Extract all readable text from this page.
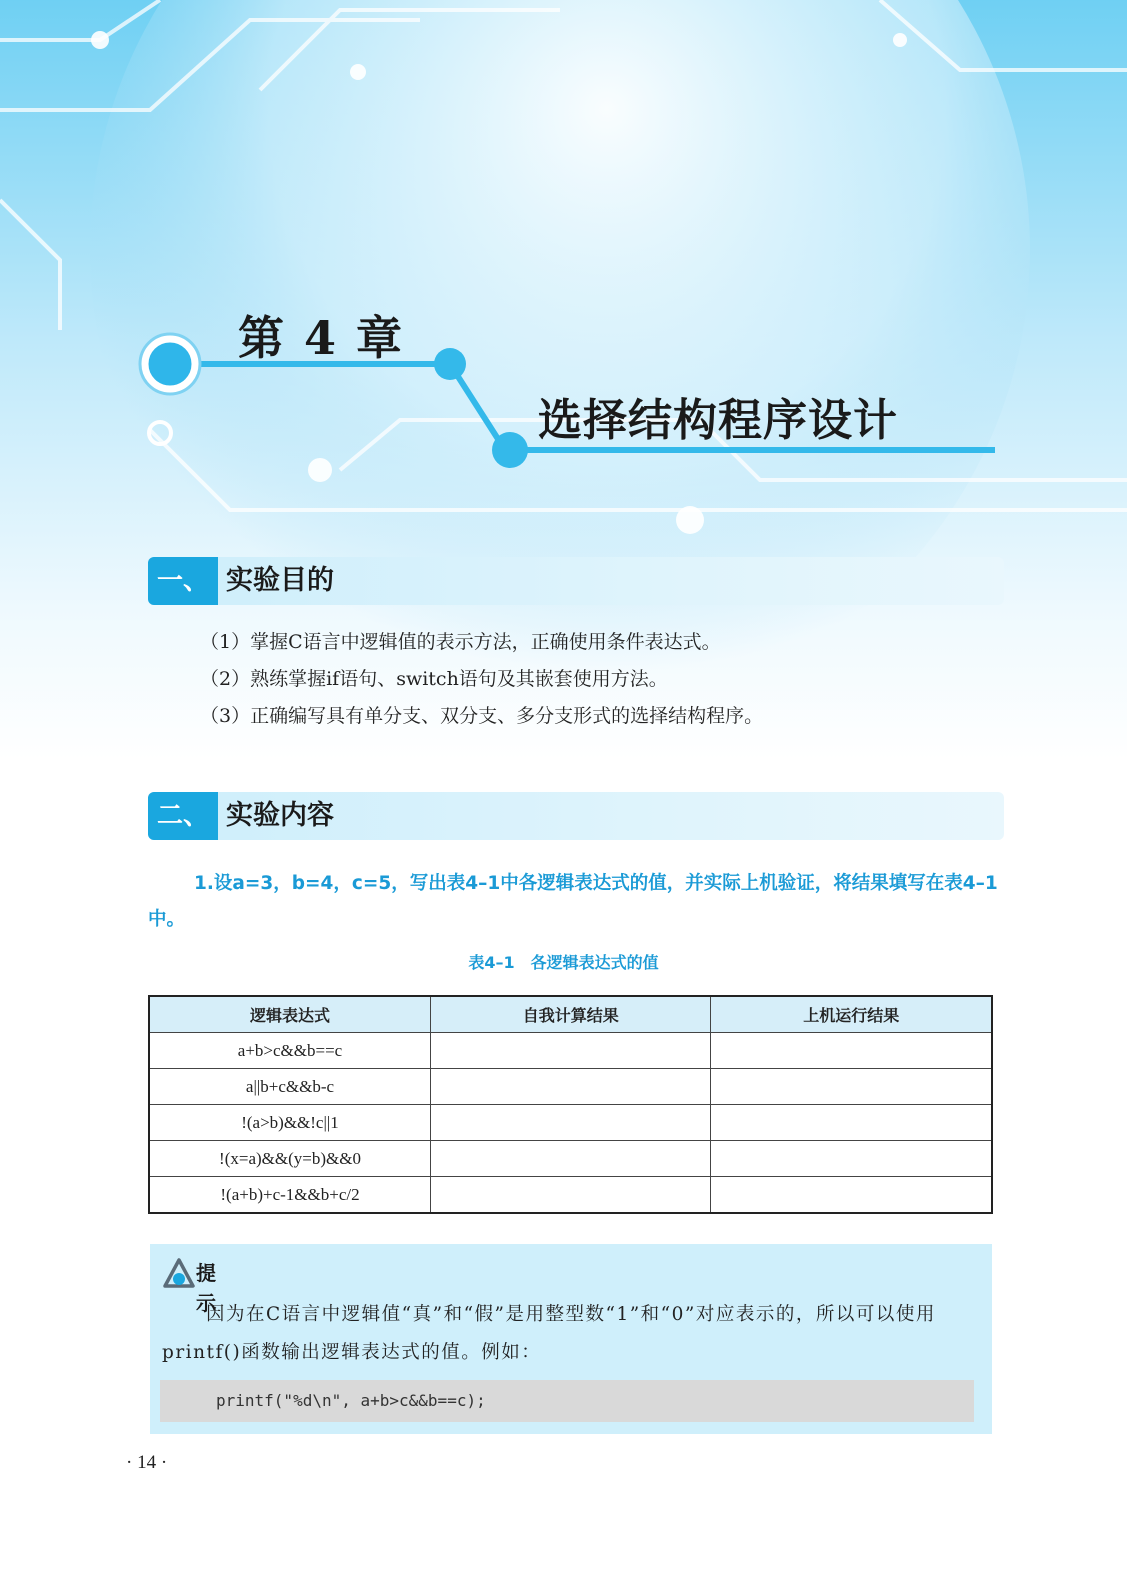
第 4 章
选择结构程序设计
一、 实验目的
（1）掌握C语言中逻辑值的表示方法，正确使用条件表达式。
（2）熟练掌握if语句、switch语句及其嵌套使用方法。
（3）正确编写具有单分支、双分支、多分支形式的选择结构程序。
二、 实验内容
1.设a=3，b=4，c=5，写出表4–1中各逻辑表达式的值，并实际上机验证，将结果填写在表4–1中。
表4–1　各逻辑表达式的值
逻辑表达式	自我计算结果	上机运行结果
a+b>c&&b==c		
a||b+c&&b-c		
!(a>b)&&!c||1		
!(x=a)&&(y=b)&&0		
!(a+b)+c-1&&b+c/2		
提示
因为在C语言中逻辑值“真”和“假”是用整型数“1”和“0”对应表示的，所以可以使用printf()函数输出逻辑表达式的值。例如：
printf("%d\n", a+b>c&&b==c);
· 14 ·
